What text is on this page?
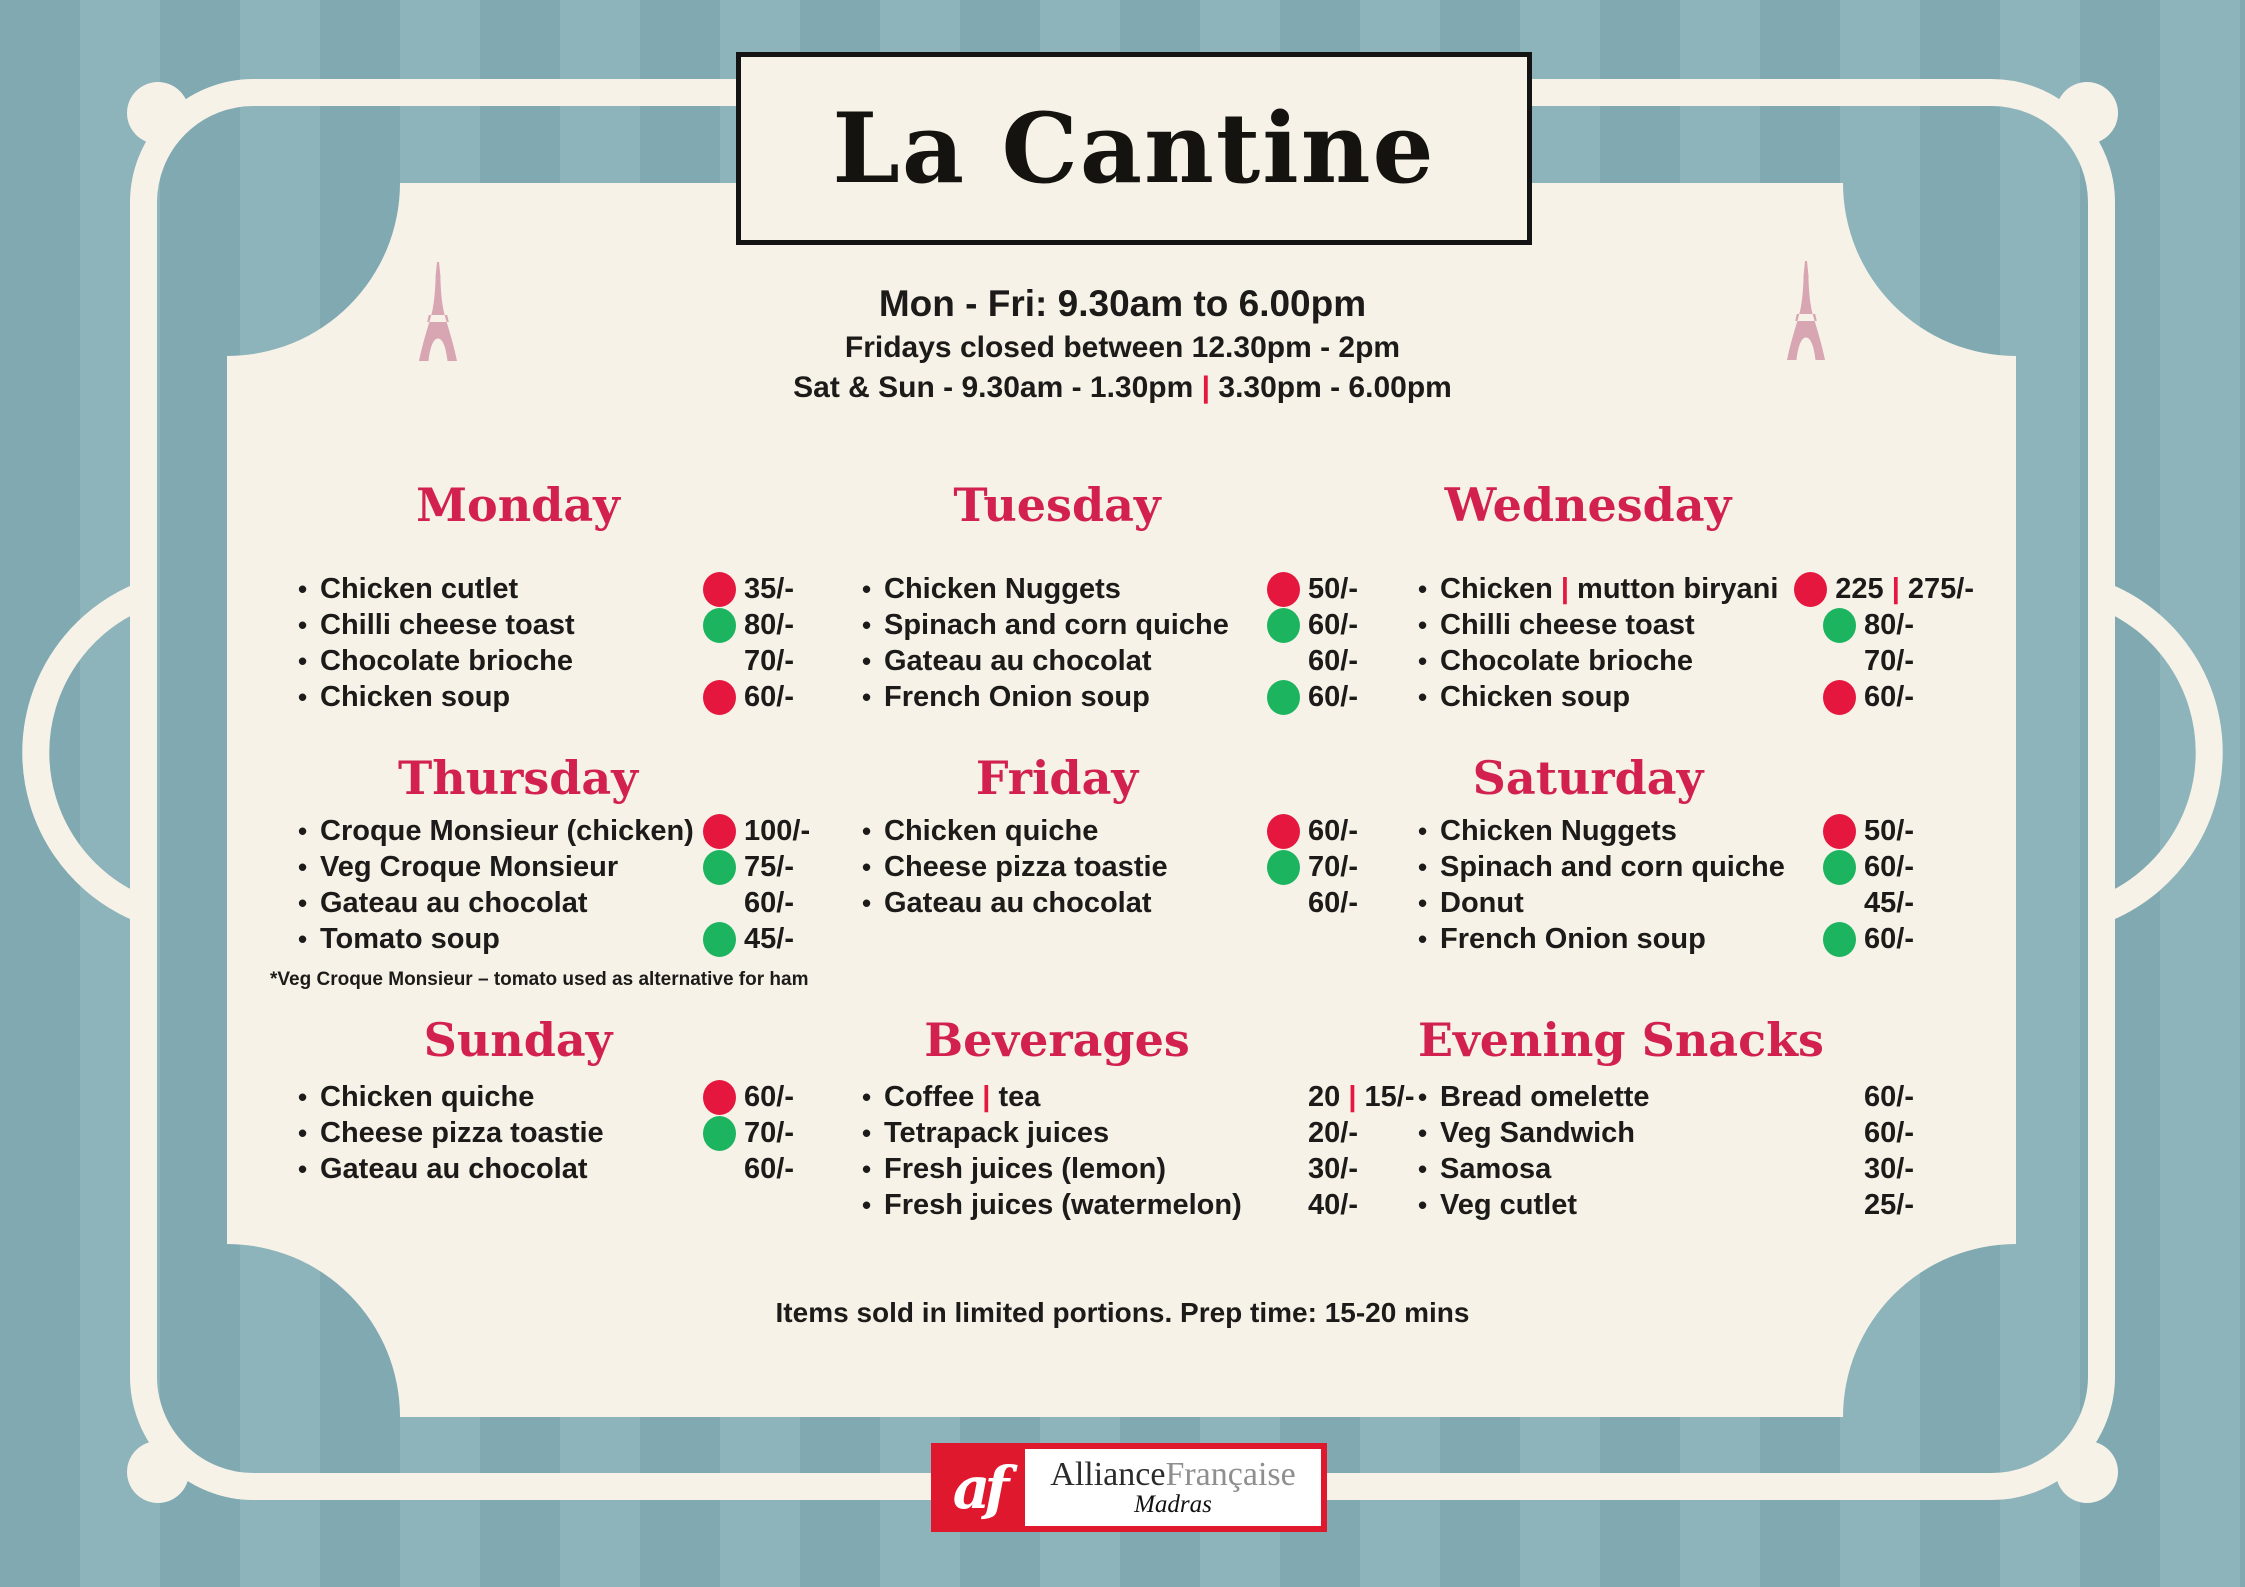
La Cantine
Mon - Fri: 9.30am to 6.00pm
Fridays closed between 12.30pm - 2pm
Sat & Sun - 9.30am - 1.30pm | 3.30pm - 6.00pm
Monday
• Chicken cutlet	35/-
• Chilli cheese toast	80/-
• Chocolate brioche	70/-
• Chicken soup	60/-
Tuesday
• Chicken Nuggets	50/-
• Spinach and corn quiche	60/-
• Gateau au chocolat	60/-
• French Onion soup	60/-
Wednesday
• Chicken | mutton biryani 225 | 275/-
• Chilli cheese toast	80/-
• Chocolate brioche	70/-
• Chicken soup	60/-
Thursday
• Croque Monsieur (chicken) 100/-
• Veg Croque Monsieur	75/-
• Gateau au chocolat	60/-
• Tomato soup	45/-
Friday
• Chicken quiche	60/-
• Cheese pizza toastie	70/-
• Gateau au chocolat	60/-
Saturday
• Chicken Nuggets	50/-
• Spinach and corn quiche	60/-
• Donut	45/-
• French Onion soup	60/-
Sunday
• Chicken quiche	60/-
• Cheese pizza toastie	70/-
• Gateau au chocolat	60/-
Beverages
• Coffee | tea	20 | 15/-
• Tetrapack juices	20/-
• Fresh juices (lemon)	30/-
• Fresh juices (watermelon) 40/-
Evening Snacks
• Bread omelette	60/-
• Veg Sandwich	60/-
• Samosa	30/-
• Veg cutlet	25/-
*Veg Croque Monsieur – tomato used as alternative for ham
Items sold in limited portions. Prep time: 15-20 mins
af	AllianceFrançaise
Madras
